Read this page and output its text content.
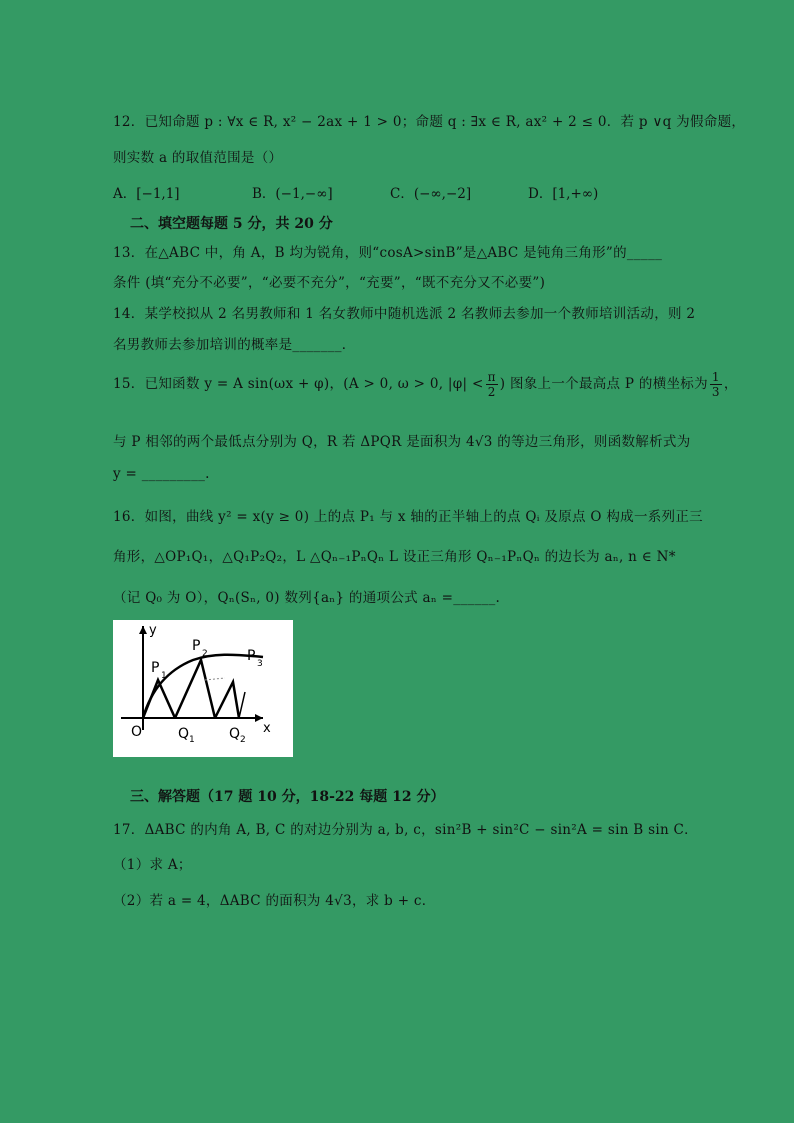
12．已知命题 p : ∀x ∈ R, x² − 2ax + 1 > 0；命题 q : ∃x ∈ R, ax² + 2 ≤ 0．若 p ∨q 为假命题，
则实数 a 的取值范围是（）
A．[−1,1]	B．(−1,−∞]	C．(−∞,−2]	D．[1,+∞)
二、填空题每题 5 分，共 20 分
13．在△ABC 中，角 A，B 均为锐角，则“cosA>sinB”是△ABC 是钝角三角形”的_____
条件 (填“充分不必要”，“必要不充分”，“充要”，“既不充分又不必要”)
14．某学校拟从 2 名男教师和 1 名女教师中随机选派 2 名教师去参加一个教师培训活动，则 2
名男教师去参加培训的概率是_______．
15．已知函数 y = A sin(ωx + φ)，(A > 0, ω > 0, $|\varphi| < \frac{\pi}{2}$ ) 图象上一个最高点 P 的横坐标为 $\frac{1}{3}$ ，
与 P 相邻的两个最低点分别为 Q，R 若 ΔPQR 是面积为 4√3 的等边三角形，则函数解析式为
y = _________.
16．如图，曲线 y² = x(y ≥ 0) 上的点 P₁ 与 x 轴的正半轴上的点 Qᵢ 及原点 O 构成一系列正三
角形，△OP₁Q₁，△Q₁P₂Q₂，L △Qₙ₋₁PₙQₙ L 设正三角形 Qₙ₋₁PₙQₙ 的边长为 aₙ, n ∈ N*
（记 Q₀ 为 O），Qₙ(Sₙ, 0) 数列{aₙ} 的通项公式 aₙ =______.
y
x
O
P 1
P 2	P 3
Q 1 Q 2
三、解答题（17 题 10 分，18-22 每题 12 分）
17．ΔABC 的内角 A, B, C 的对边分别为 a, b, c，sin²B + sin²C − sin²A = sin B sin C．
（1）求 A；
（2）若 a = 4，ΔABC 的面积为 4√3，求 b + c．
